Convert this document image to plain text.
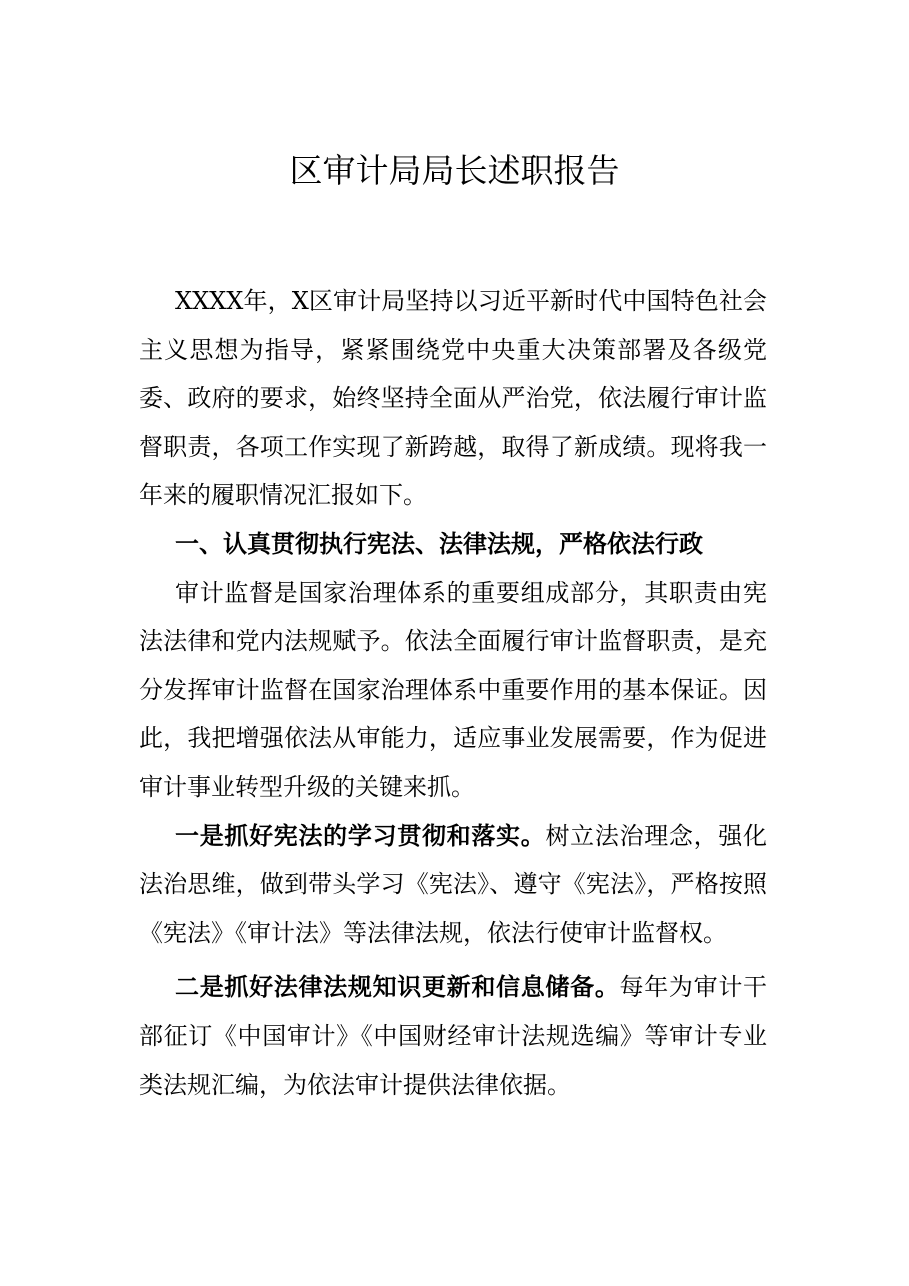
区审计局局长述职报告

XXXX年，X区审计局坚持以习近平新时代中国特色社会主义思想为指导，紧紧围绕党中央重大决策部署及各级党委、政府的要求，始终坚持全面从严治党，依法履行审计监督职责，各项工作实现了新跨越，取得了新成绩。现将我一年来的履职情况汇报如下。

一、认真贯彻执行宪法、法律法规，严格依法行政

审计监督是国家治理体系的重要组成部分，其职责由宪法法律和党内法规赋予。依法全面履行审计监督职责，是充分发挥审计监督在国家治理体系中重要作用的基本保证。因此，我把增强依法从审能力，适应事业发展需要，作为促进审计事业转型升级的关键来抓。

一是抓好宪法的学习贯彻和落实。树立法治理念，强化法治思维，做到带头学习《宪法》、遵守《宪法》，严格按照《宪法》《审计法》等法律法规，依法行使审计监督权。

二是抓好法律法规知识更新和信息储备。每年为审计干部征订《中国审计》《中国财经审计法规选编》等审计专业类法规汇编，为依法审计提供法律依据。
